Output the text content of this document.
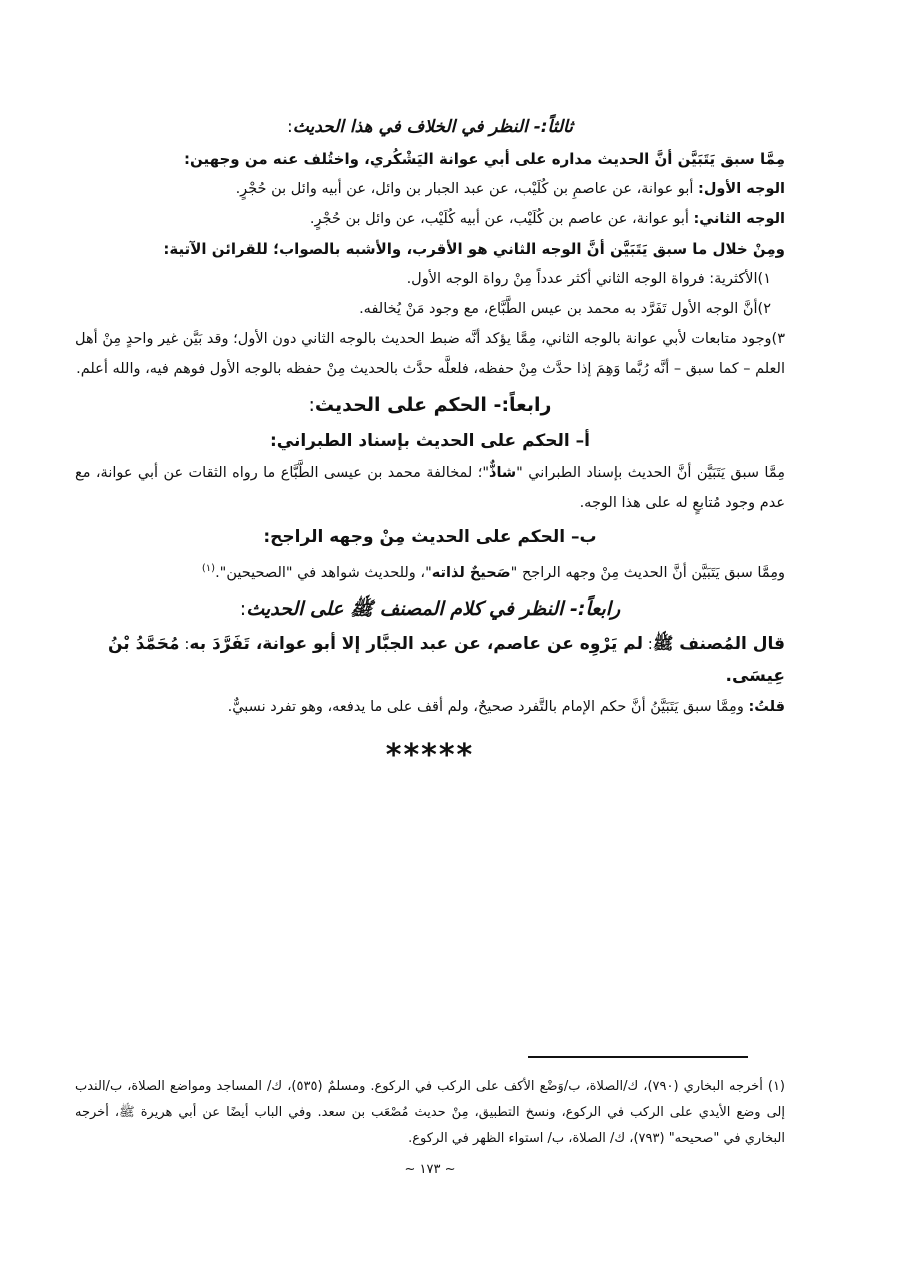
ثالثاً:- النظر في الخلاف في هذا الحديث:
مِمَّا سبق يَتَبَيَّن أنَّ الحديث مداره على أبي عوانة اليَشْكُري، واختُلف عنه من وجهين:
الوجه الأول: أبو عوانة، عن عاصمِ بن كُلَيْب، عن عبد الجبار بن وائل، عن أبيه وائل بن حُجْرٍ.
الوجه الثاني: أبو عوانة، عن عاصم بن كُلَيْب، عن أبيه كُلَيْب، عن وائل بن حُجْرٍ.
ومِنْ خلال ما سبق يَتَبَيَّن أنَّ الوجه الثاني هو الأقرب، والأشبه بالصواب؛ للقرائن الآتية:
١)الأكثرية: فرواة الوجه الثاني أكثر عدداً مِنْ رواة الوجه الأول.
٢)أنَّ الوجه الأول تَفَرَّد به محمد بن عيس الطَّبَّاع، مع وجود مَنْ يُخالفه.
٣)وجود متابعات لأبي عوانة بالوجه الثاني، مِمَّا يؤكد أنَّه ضبط الحديث بالوجه الثاني دون الأول؛ وقد بَيَّن غير واحدٍ مِنْ أهل العلم – كما سبق – أنَّه رُبَّما وَهِمَ إذا حدَّث مِنْ حفظه، فلعلَّه حدَّث بالحديث مِنْ حفظه بالوجه الأول فوهم فيه، والله أعلم.
رابعاً:- الحكم على الحديث:
أ– الحكم على الحديث بإسناد الطبراني:
مِمَّا سبق يَتَبَيَّن أنَّ الحديث بإسناد الطبراني "شاذٌّ"؛ لمخالفة محمد بن عيسى الطَّبَّاع ما رواه الثقات عن أبي عوانة، مع عدم وجود مُتابعٍ له على هذا الوجه.
ب– الحكم على الحديث مِنْ وجهه الراجح:
ومِمَّا سبق يَتَبَيَّن أنَّ الحديث مِنْ وجهه الراجح "صَحيحٌ لذاته"، وللحديث شواهد في "الصحيحين".$^{(١)}$
رابعاً:- النظر في كلام المصنف ﷺ على الحديث:
قال المُصنف ﷺ: لم يَرْوِه عن عاصم، عن عبد الجبَّار إلا أبو عوانة، تَفَرَّدَ به: مُحَمَّدُ بْنُ عِيسَى.
قلتُ: ومِمَّا سبق يَتَبَيَّنُ أنَّ حكم الإمام بالتَّفرد صحيحٌ، ولم أقف على ما يدفعه، وهو تفرد نسبيٌّ.
*****
(١) أخرجه البخاري (٧٩٠)، ك/الصلاة، ب/وَضْع الأكف على الركب في الركوع. ومسلمٌ (٥٣٥)، ك/ المساجد ومواضع الصلاة، ب/الندب إلى وضع الأيدي على الركب في الركوع، ونسخ التطبيق، مِنْ حديث مُصْعَب بن سعد. وفي الباب أيضًا عن أبي هريرة ﷺ، أخرجه البخاري في "صحيحه" (٧٩٣)، ك/ الصلاة، ب/ استواء الظهر في الركوع.
~ ١٧٣ ~
